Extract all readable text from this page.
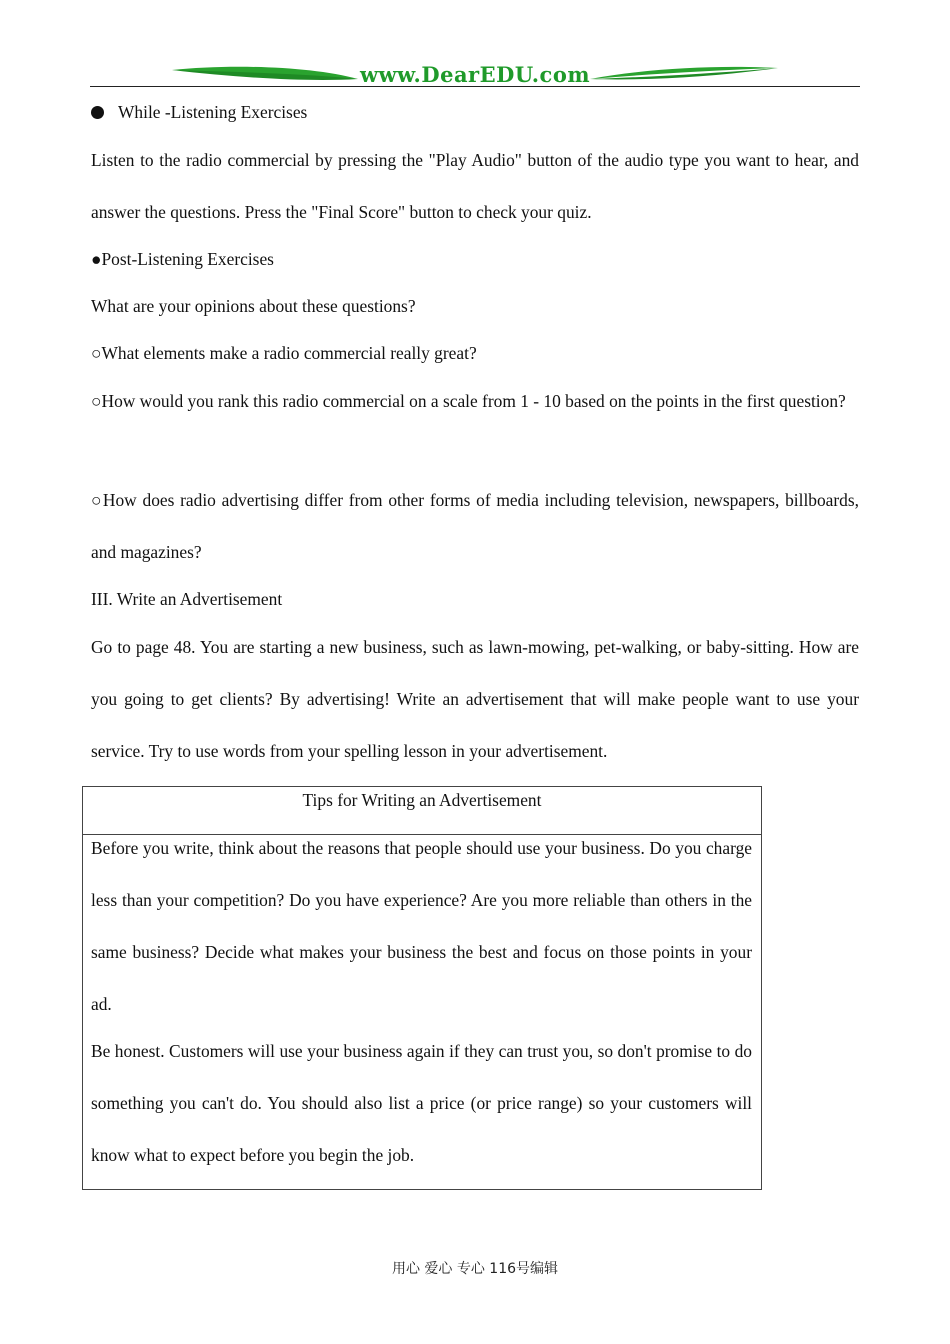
www.DearEDU.com
While -Listening Exercises
Listen to the radio commercial by pressing the "Play Audio" button of the audio type you want to hear, and answer the questions. Press the "Final Score" button to check your quiz.
●Post-Listening Exercises
What are your opinions about these questions?
○What elements make a radio commercial really great?
○How would you rank this radio commercial on a scale from 1 - 10 based on the points in the first question?
○How does radio advertising differ from other forms of media including television, newspapers, billboards, and magazines?
III. Write an Advertisement
Go to page 48. You are starting a new business, such as lawn-mowing, pet-walking, or baby-sitting. How are you going to get clients? By advertising! Write an advertisement that will make people want to use your service. Try to use words from your spelling lesson in your advertisement.
Tips for Writing an Advertisement
Before you write, think about the reasons that people should use your business. Do you charge less than your competition? Do you have experience? Are you more reliable than others in the same business? Decide what makes your business the best and focus on those points in your ad.
Be honest. Customers will use your business again if they can trust you, so don't promise to do something you can't do. You should also list a price (or price range) so your customers will know what to expect before you begin the job.
用心 爱心 专心 116号编辑
